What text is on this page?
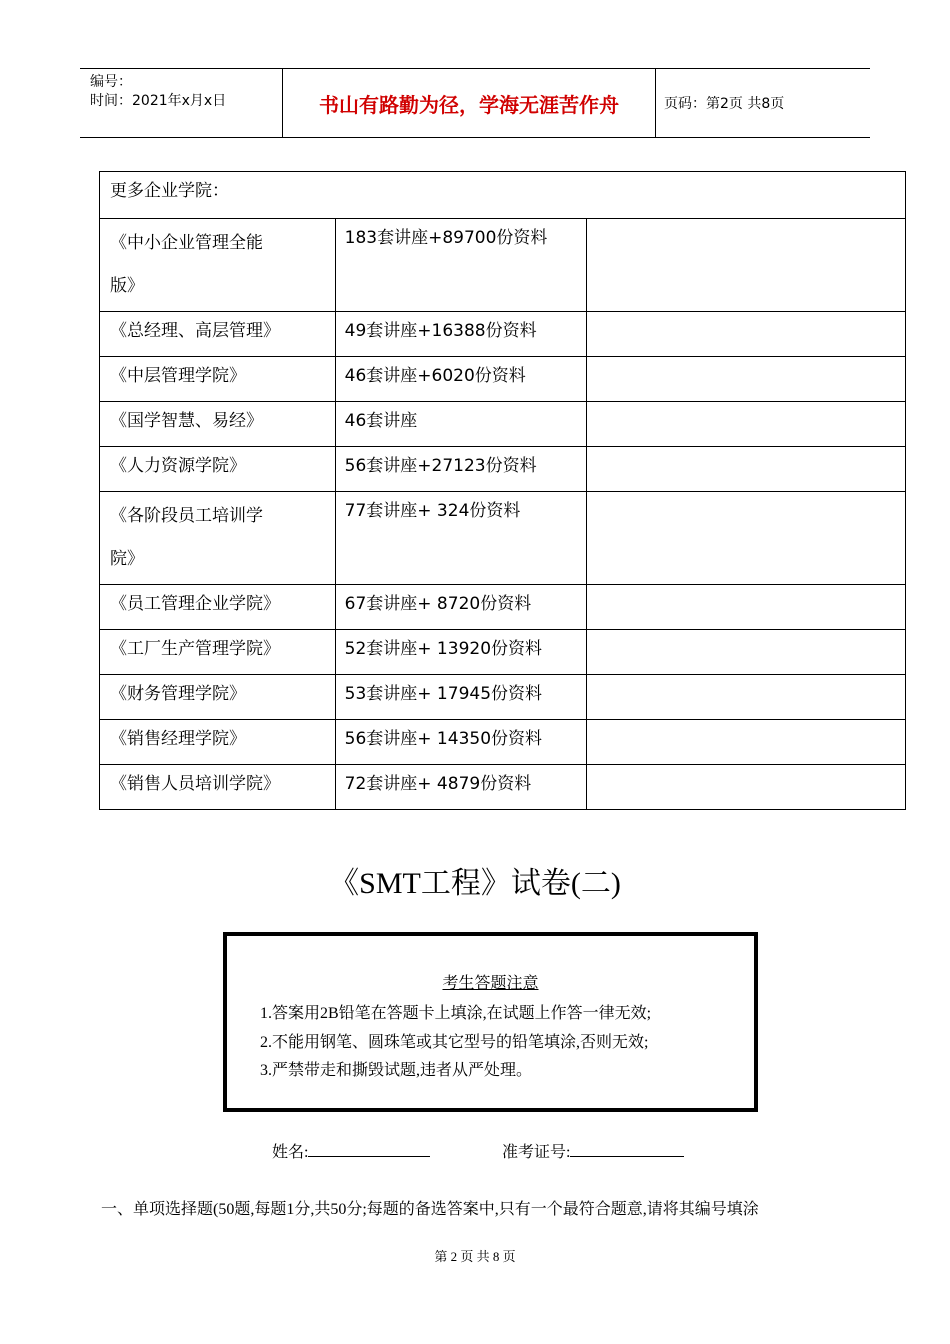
编号：
时间：2021年x月x日	书山有路勤为径，学海无涯苦作舟	页码：第2页 共8页
更多企业学院：		

《中小企业管理全能
版》	183套讲座+89700份资料	

《总经理、高层管理》	49套讲座+16388份资料	

《中层管理学院》	46套讲座+6020份资料	

《国学智慧、易经》	46套讲座	

《人力资源学院》	56套讲座+27123份资料	

《各阶段员工培训学
院》	77套讲座+ 324份资料	

《员工管理企业学院》	67套讲座+ 8720份资料	

《工厂生产管理学院》	52套讲座+ 13920份资料	

《财务管理学院》	53套讲座+ 17945份资料	

《销售经理学院》	56套讲座+ 14350份资料	

《销售人员培训学院》	72套讲座+ 4879份资料	
《SMT工程》试卷(二)
考生答题注意
1.答案用2B铅笔在答题卡上填涂,在试题上作答一律无效;
2.不能用钢笔、圆珠笔或其它型号的铅笔填涂,否则无效;
3.严禁带走和撕毁试题,违者从严处理。
姓名:	准考证号:
一、单项选择题(50题,每题1分,共50分;每题的备选答案中,只有一个最符合题意,请将其编号填涂
第 2 页 共 8 页
